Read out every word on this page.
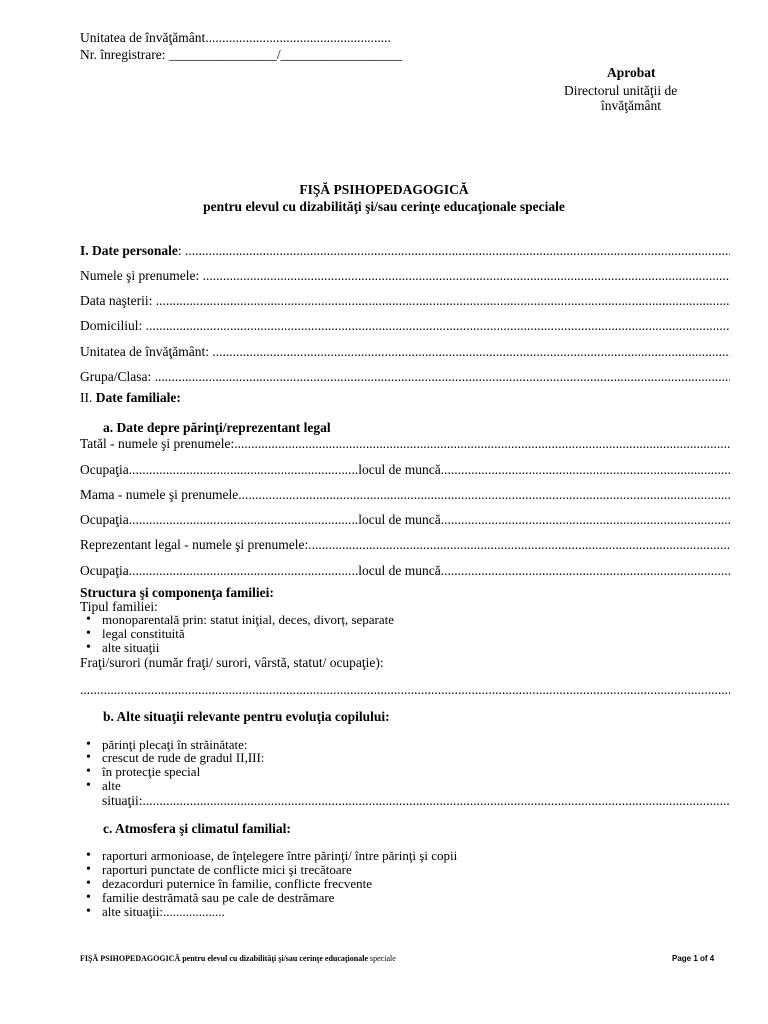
Unitatea de învăţământ.......................................................
Nr. înregistrare: ________________/__________________
Aprobat
Directorul unităţii de
învăţământ
FIŞĂ PSIHOPEDAGOGICĂ
pentru elevul cu dizabilităţi şi/sau cerinţe educaţionale speciale
I.
Date personale :
.....
Numele şi prenumele:

.....
Data naşterii:

.....
Domiciliul:

.....
Unitatea de învăţământ:

.....
Grupa/Clasa:

.....
II. Date familiale:
a. Date depre părinţi/reprezentant legal
Tatăl - numele şi prenumele:
.....
Ocupaţia .................................................................... locul de muncă
.....
Mama - numele şi prenumele
.....
Ocupaţia .................................................................... locul de muncă
.....
Reprezentant legal - numele şi prenumele:
.....
Ocupaţia .................................................................... locul de muncă
.....
Structura şi componenţa familiei:
Tipul familiei:
• monoparentală prin: statut iniţial, deces, divorț, separate
• legal constituită
• alte situaţii
Fraţi/surori (număr fraţi/ surori, vârstă, statut/ ocupaţie):
.....
b. Alte situaţii relevante pentru evoluţia copilului:
• părinţi plecaţi în străinătate:
• crescut de rude de gradul II,III:
• în protecţie special
• alte
situaţii:
.....
c. Atmosfera şi climatul familial:
• raporturi armonioase, de înţelegere între părinţi/ între părinţi şi copii
• raporturi punctate de conflicte mici şi trecătoare
• dezacorduri puternice în familie, conflicte frecvente
• familie destrămată sau pe cale de destrămare
• alte situaţii:...................
FIŞĂ PSIHOPEDAGOGICĂ pentru elevul cu dizabilităţi şi/sau cerinţe educaţionale speciale	Page 1 of 4
